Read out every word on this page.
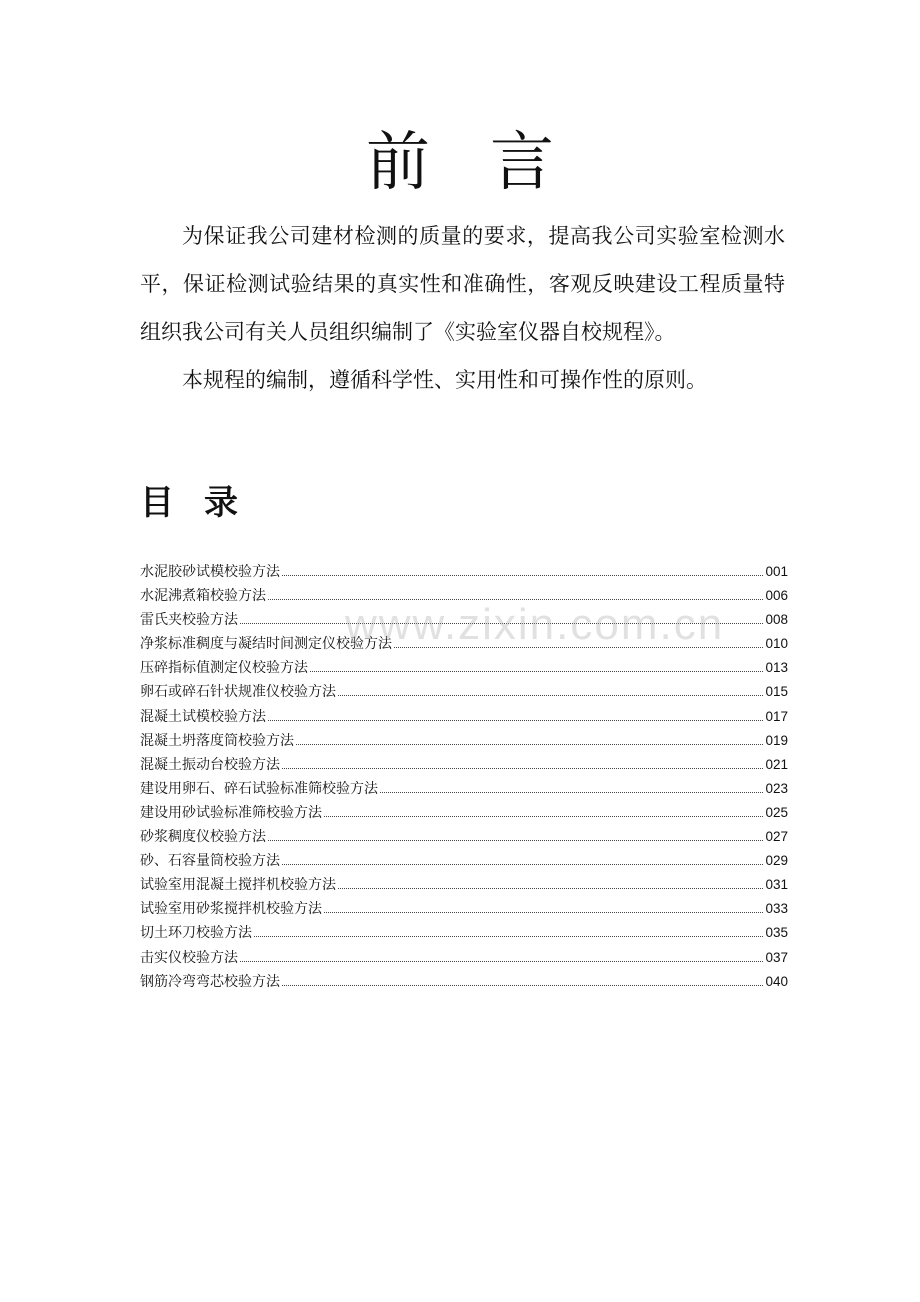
前言

为保证我公司建材检测的质量的要求，提高我公司实验室检测水平，保证检测试验结果的真实性和准确性，客观反映建设工程质量特组织我公司有关人员组织编制了《实验室仪器自校规程》。

本规程的编制，遵循科学性、实用性和可操作性的原则。

目录
水泥胶砂试模校验方法	001
水泥沸煮箱校验方法	006
雷氏夹校验方法	008
净浆标准稠度与凝结时间测定仪校验方法	010
压碎指标值测定仪校验方法	013
卵石或碎石针状规准仪校验方法	015
混凝土试模校验方法	017
混凝土坍落度筒校验方法	019
混凝土振动台校验方法	021
建设用卵石、碎石试验标准筛校验方法	023
建设用砂试验标准筛校验方法	025
砂浆稠度仪校验方法	027
砂、石容量筒校验方法	029
试验室用混凝土搅拌机校验方法	031
试验室用砂浆搅拌机校验方法	033
切土环刀校验方法	035
击实仪校验方法	037
钢筋冷弯弯芯校验方法	040
www.zixin.com.cn
